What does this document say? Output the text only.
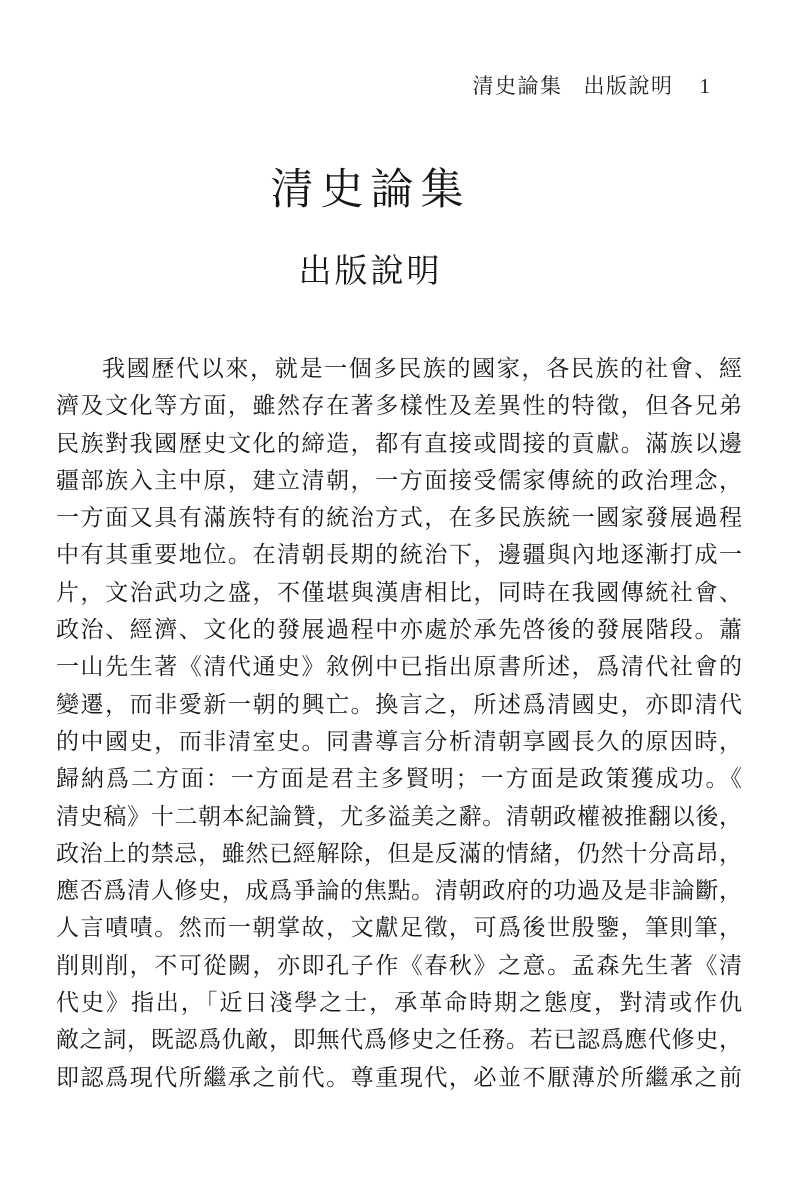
清史論集 出版說明 1
清史論集
出版說明
我國歷代以來，就是一個多民族的國家，各民族的社會、經
濟及文化等方面，雖然存在著多樣性及差異性的特徵，但各兄弟
民族對我國歷史文化的締造，都有直接或間接的貢獻。滿族以邊
疆部族入主中原，建立清朝，一方面接受儒家傳統的政治理念，
一方面又具有滿族特有的統治方式，在多民族統一國家發展過程
中有其重要地位。在清朝長期的統治下，邊疆與內地逐漸打成一
片，文治武功之盛，不僅堪與漢唐相比，同時在我國傳統社會、
政治、經濟、文化的發展過程中亦處於承先啓後的發展階段。蕭
一山先生著《清代通史》敘例中已指出原書所述，爲清代社會的
變遷，而非愛新一朝的興亡。換言之，所述爲清國史，亦即清代
的中國史，而非清室史。同書導言分析清朝享國長久的原因時，
歸納爲二方面：一方面是君主多賢明；一方面是政策獲成功。《
清史稿》十二朝本紀論贊，尤多溢美之辭。清朝政權被推翻以後，
政治上的禁忌，雖然已經解除，但是反滿的情緒，仍然十分高昂，
應否爲清人修史，成爲爭論的焦點。清朝政府的功過及是非論斷，
人言嘖嘖。然而一朝掌故，文獻足徵，可爲後世殷鑒，筆則筆，
削則削，不可從闕，亦即孔子作《春秋》之意。孟森先生著《清
代史》指出，「近日淺學之士，承革命時期之態度，對清或作仇
敵之詞，既認爲仇敵，即無代爲修史之任務。若已認爲應代修史，
即認爲現代所繼承之前代。尊重現代，必並不厭薄於所繼承之前
